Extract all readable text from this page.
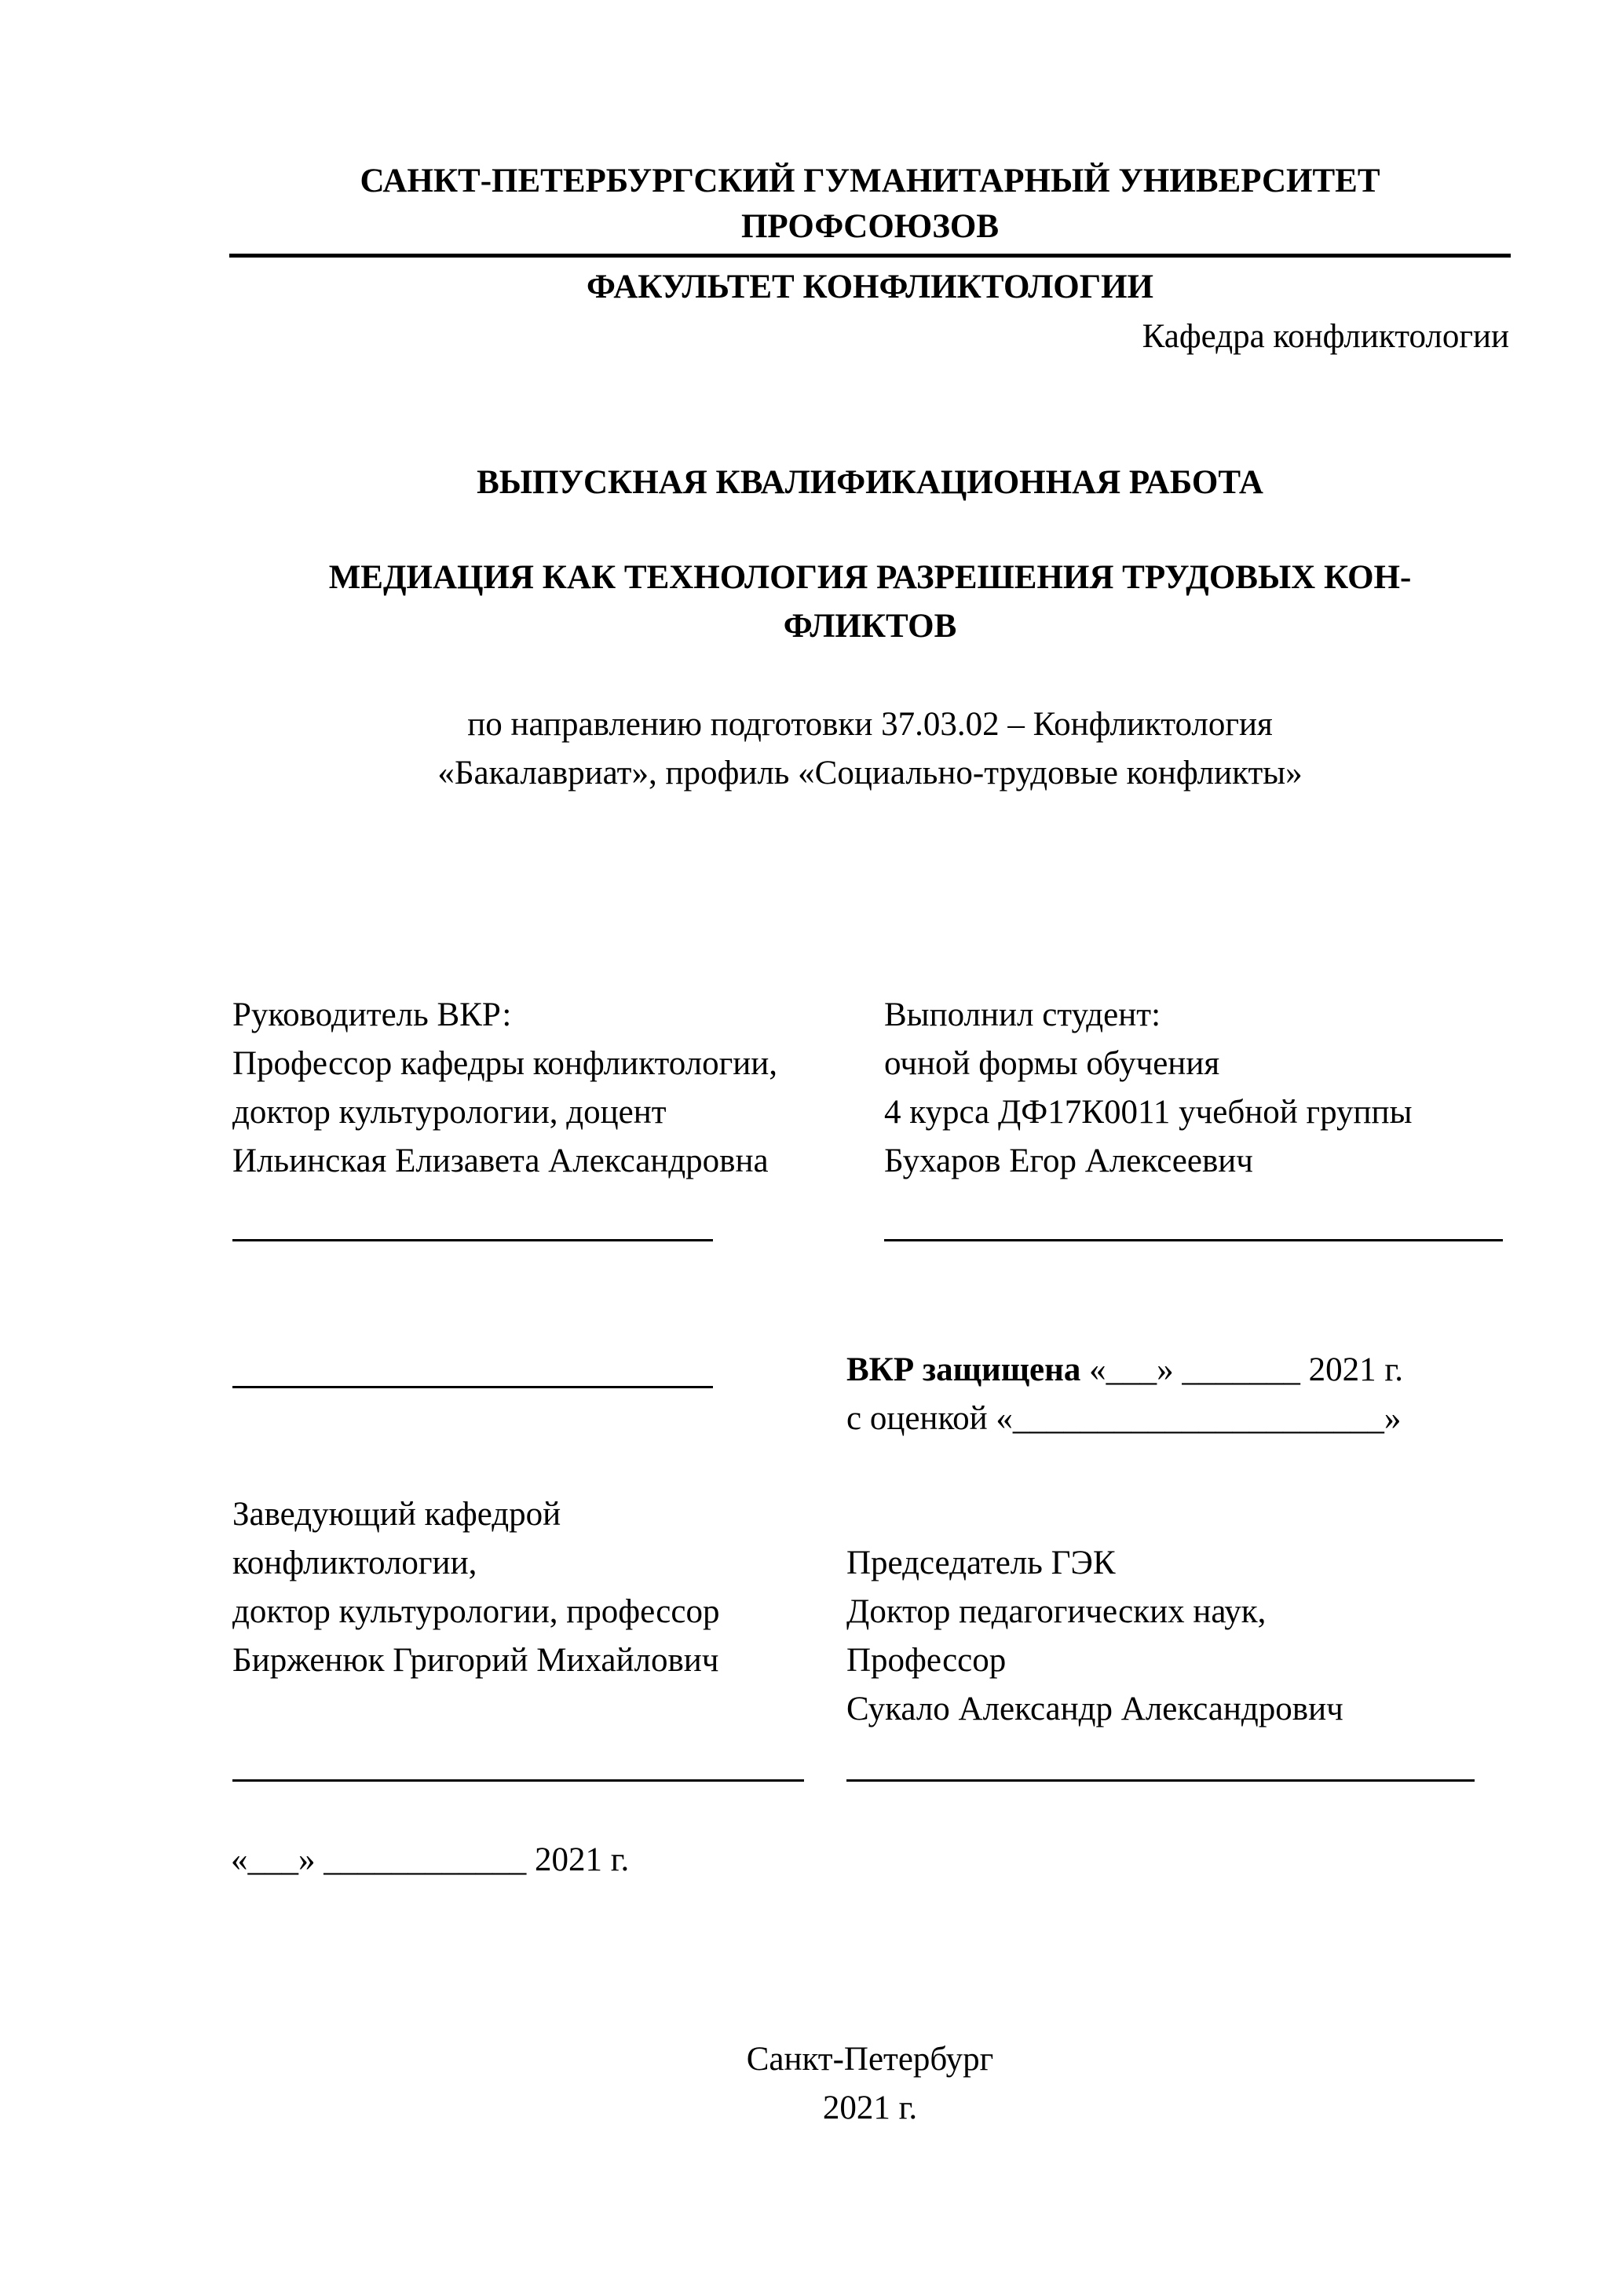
САНКТ-ПЕТЕРБУРГСКИЙ ГУМАНИТАРНЫЙ УНИВЕРСИТЕТ
ПРОФСОЮЗОВ
ФАКУЛЬТЕТ КОНФЛИКТОЛОГИИ
Кафедра конфликтологии
ВЫПУСКНАЯ КВАЛИФИКАЦИОННАЯ РАБОТА
МЕДИАЦИЯ КАК ТЕХНОЛОГИЯ РАЗРЕШЕНИЯ ТРУДОВЫХ КОН-
ФЛИКТОВ
по направлению подготовки 37.03.02 – Конфликтология
«Бакалавриат», профиль «Социально-трудовые конфликты»
Руководитель ВКР:
Профессор кафедры конфликтологии,
доктор культурологии, доцент
Ильинская Елизавета Александровна
Выполнил студент:
очной формы обучения
4 курса ДФ17К0011 учебной группы
Бухаров Егор Алексеевич
ВКР защищена «___» _______ 2021 г.
с оценкой «______________________»
Заведующий кафедрой
конфликтологии,
доктор культурологии, профессор
Бирженюк Григорий Михайлович
Председатель ГЭК
Доктор педагогических наук,
Профессор
Сукало Александр Александрович
«___» ____________ 2021 г.
Санкт-Петербург
2021 г.
